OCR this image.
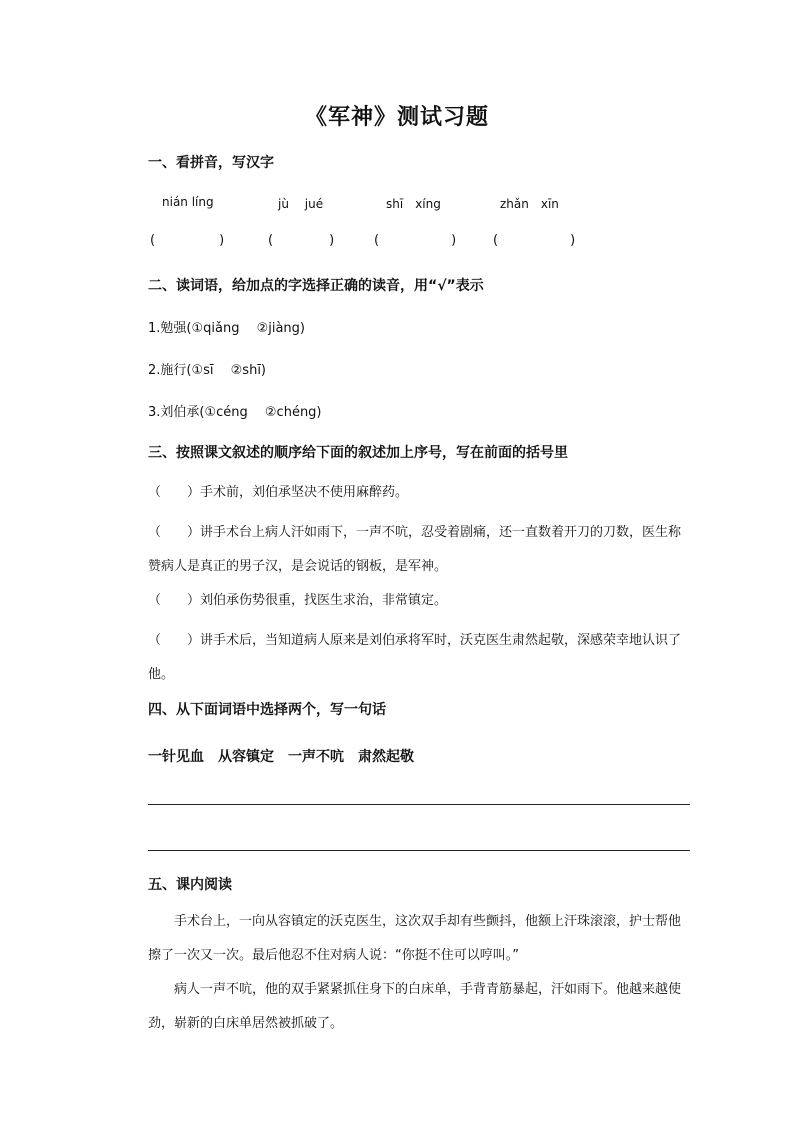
《军神》测试习题
一、看拼音，写汉字
nián líng	jù　 jué	shī　xíng	zhǎn　xīn
(	)	(	)	(	)	(	)
二、读词语，给加点的字选择正确的读音，用“√”表示
1.勉强(①qiǎng　 ②jiàng)
2.施行(①sī　 ②shī)
3.刘伯承(①céng　 ②chéng)
三、按照课文叙述的顺序给下面的叙述加上序号，写在前面的括号里
（　　）手术前，刘伯承坚决不使用麻醉药。
（　　）讲手术台上病人汗如雨下，一声不吭，忍受着剧痛，还一直数着开刀的刀数，医生称赞病人是真正的男子汉，是会说话的钢板，是军神。
（　　）刘伯承伤势很重，找医生求治，非常镇定。
（　　）讲手术后，当知道病人原来是刘伯承将军时，沃克医生肃然起敬，深感荣幸地认识了他。
四、从下面词语中选择两个，写一句话
一针见血　从容镇定　一声不吭　肃然起敬
五、课内阅读
手术台上，一向从容镇定的沃克医生，这次双手却有些颤抖，他额上汗珠滚滚，护士帮他擦了一次又一次。最后他忍不住对病人说：“你挺不住可以哼叫。”
病人一声不吭，他的双手紧紧抓住身下的白床单，手背青筋暴起，汗如雨下。他越来越使劲，崭新的白床单居然被抓破了。
